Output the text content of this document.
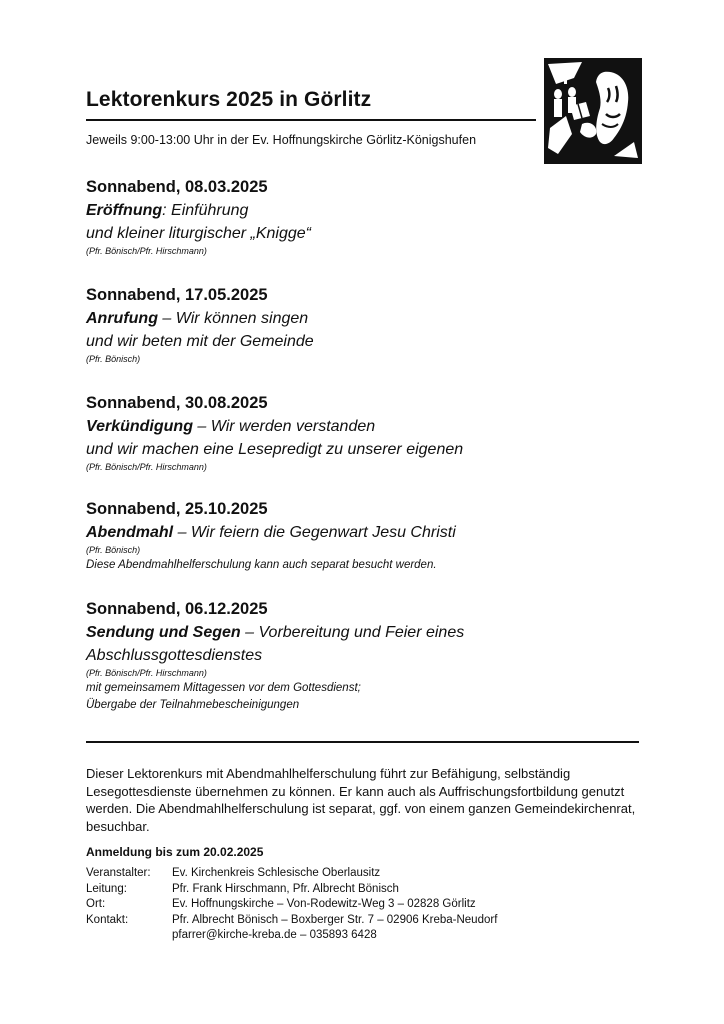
Lektorenkurs 2025 in Görlitz
Jeweils 9:00-13:00 Uhr in der Ev. Hoffnungskirche Görlitz-Königshufen
Sonnabend, 08.03.2025
Eröffnung: Einführung
und kleiner liturgischer „Knigge“
(Pfr. Bönisch/Pfr. Hirschmann)
Sonnabend, 17.05.2025
Anrufung – Wir können singen
und wir beten mit der Gemeinde
(Pfr. Bönisch)
Sonnabend, 30.08.2025
Verkündigung – Wir werden verstanden
und wir machen eine Lesepredigt zu unserer eigenen
(Pfr. Bönisch/Pfr. Hirschmann)
Sonnabend, 25.10.2025
Abendmahl – Wir feiern die Gegenwart Jesu Christi
(Pfr. Bönisch)
Diese Abendmahlhelferschulung kann auch separat besucht werden.
Sonnabend, 06.12.2025
Sendung und Segen – Vorbereitung und Feier eines
Abschlussgottesdienstes
(Pfr. Bönisch/Pfr. Hirschmann)
mit gemeinsamem Mittagessen vor dem Gottesdienst;
Übergabe der Teilnahmebescheinigungen
Dieser Lektorenkurs mit Abendmahlhelferschulung führt zur Befähigung, selbständig Lesegottesdienste übernehmen zu können. Er kann auch als Auffrischungsfortbildung genutzt werden. Die Abendmahlhelferschulung ist separat, ggf. von einem ganzen Gemeindekirchenrat, besuchbar.
Anmeldung bis zum 20.02.2025
Veranstalter:	Ev. Kirchenkreis Schlesische Oberlausitz
Leitung:	Pfr. Frank Hirschmann, Pfr. Albrecht Bönisch
Ort:	Ev. Hoffnungskirche – Von-Rodewitz-Weg 3 – 02828 Görlitz
Kontakt:	Pfr. Albrecht Bönisch – Boxberger Str. 7 – 02906 Kreba-Neudorf
	pfarrer@kirche-kreba.de – 035893 6428
